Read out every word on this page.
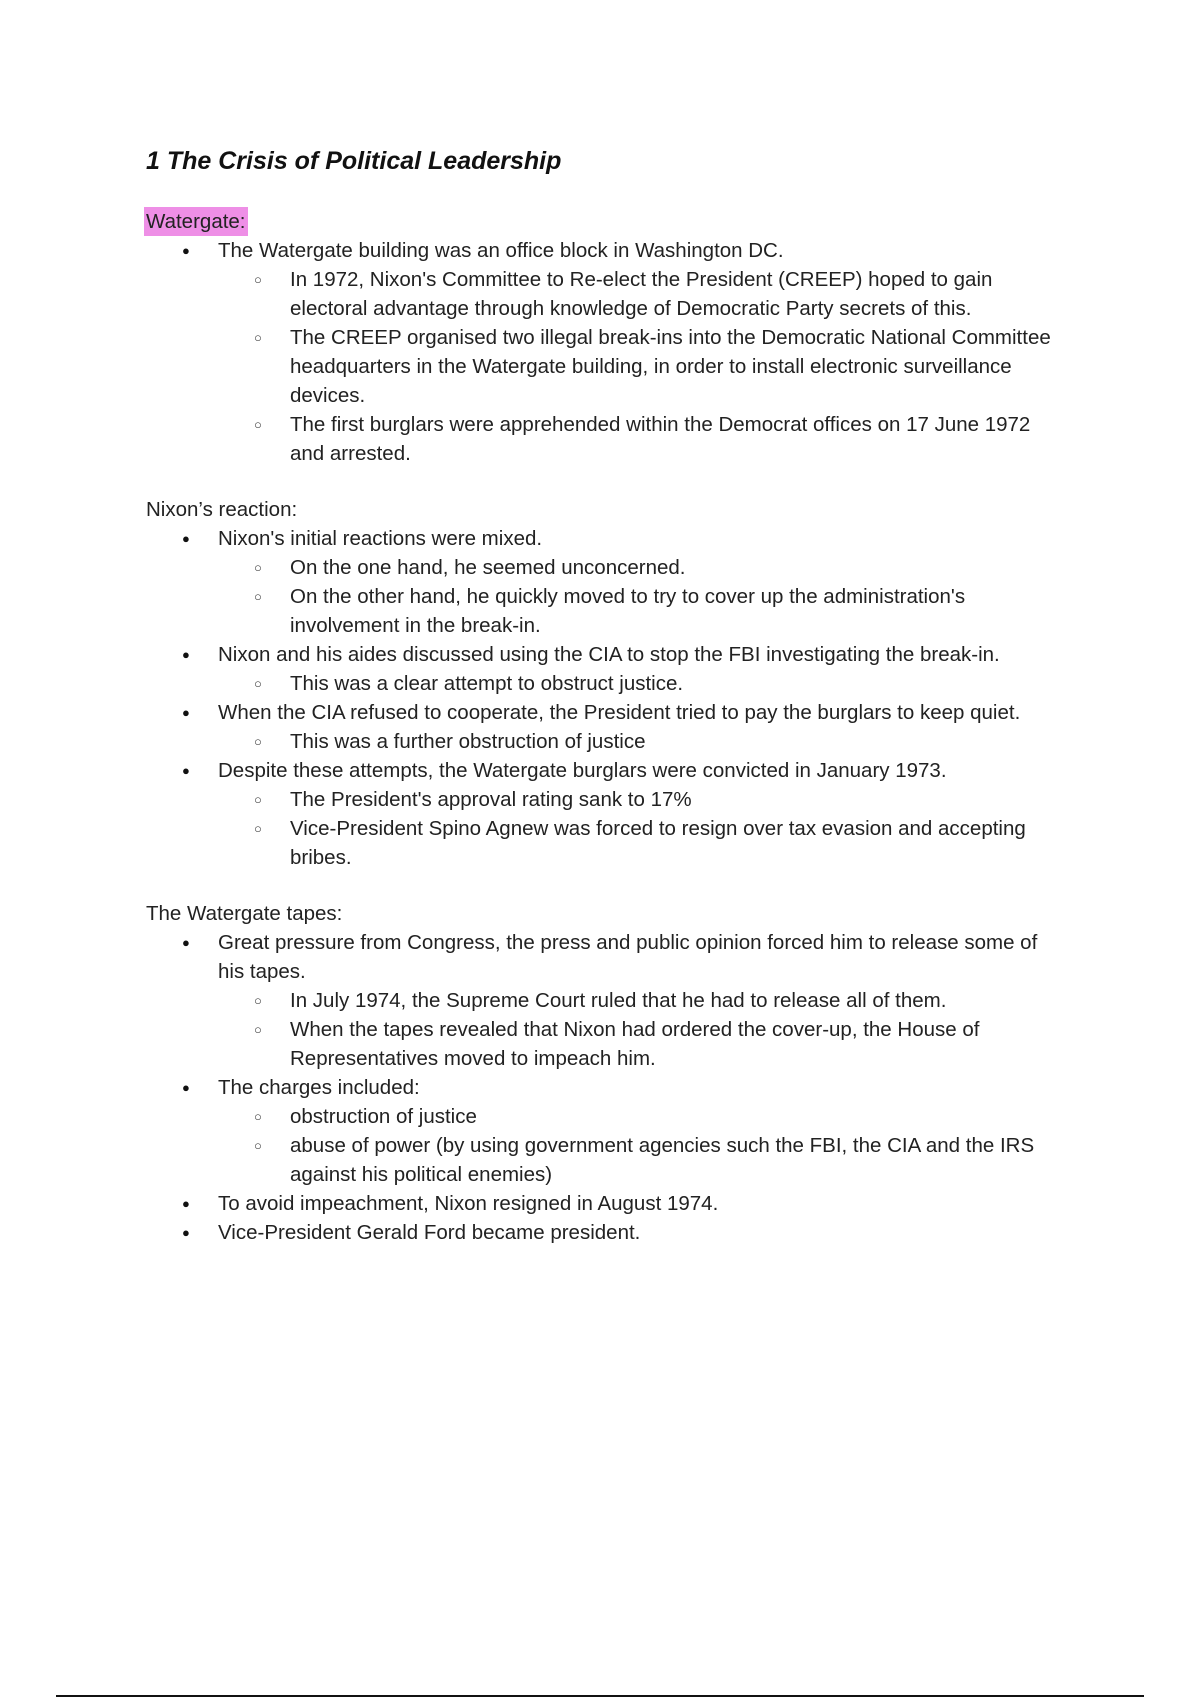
1 The Crisis of Political Leadership

Watergate:

● The Watergate building was an office block in Washington DC.
○ In 1972, Nixon's Committee to Re-elect the President (CREEP) hoped to gain electoral advantage through knowledge of Democratic Party secrets of this.
○ The CREEP organised two illegal break-ins into the Democratic National Committee headquarters in the Watergate building, in order to install electronic surveillance devices.
○ The first burglars were apprehended within the Democrat offices on 17 June 1972 and arrested.

Nixon’s reaction:

● Nixon's initial reactions were mixed.
○ On the one hand, he seemed unconcerned.
○ On the other hand, he quickly moved to try to cover up the administration's involvement in the break-in.
● Nixon and his aides discussed using the CIA to stop the FBI investigating the break-in.
○ This was a clear attempt to obstruct justice.
● When the CIA refused to cooperate, the President tried to pay the burglars to keep quiet.
○ This was a further obstruction of justice
● Despite these attempts, the Watergate burglars were convicted in January 1973.
○ The President's approval rating sank to 17%
○ Vice-President Spino Agnew was forced to resign over tax evasion and accepting bribes.

The Watergate tapes:

● Great pressure from Congress, the press and public opinion forced him to release some of his tapes.
○ In July 1974, the Supreme Court ruled that he had to release all of them.
○ When the tapes revealed that Nixon had ordered the cover-up, the House of Representatives moved to impeach him.
● The charges included:
○ obstruction of justice
○ abuse of power (by using government agencies such the FBI, the CIA and the IRS against his political enemies)
● To avoid impeachment, Nixon resigned in August 1974.
● Vice-President Gerald Ford became president.
